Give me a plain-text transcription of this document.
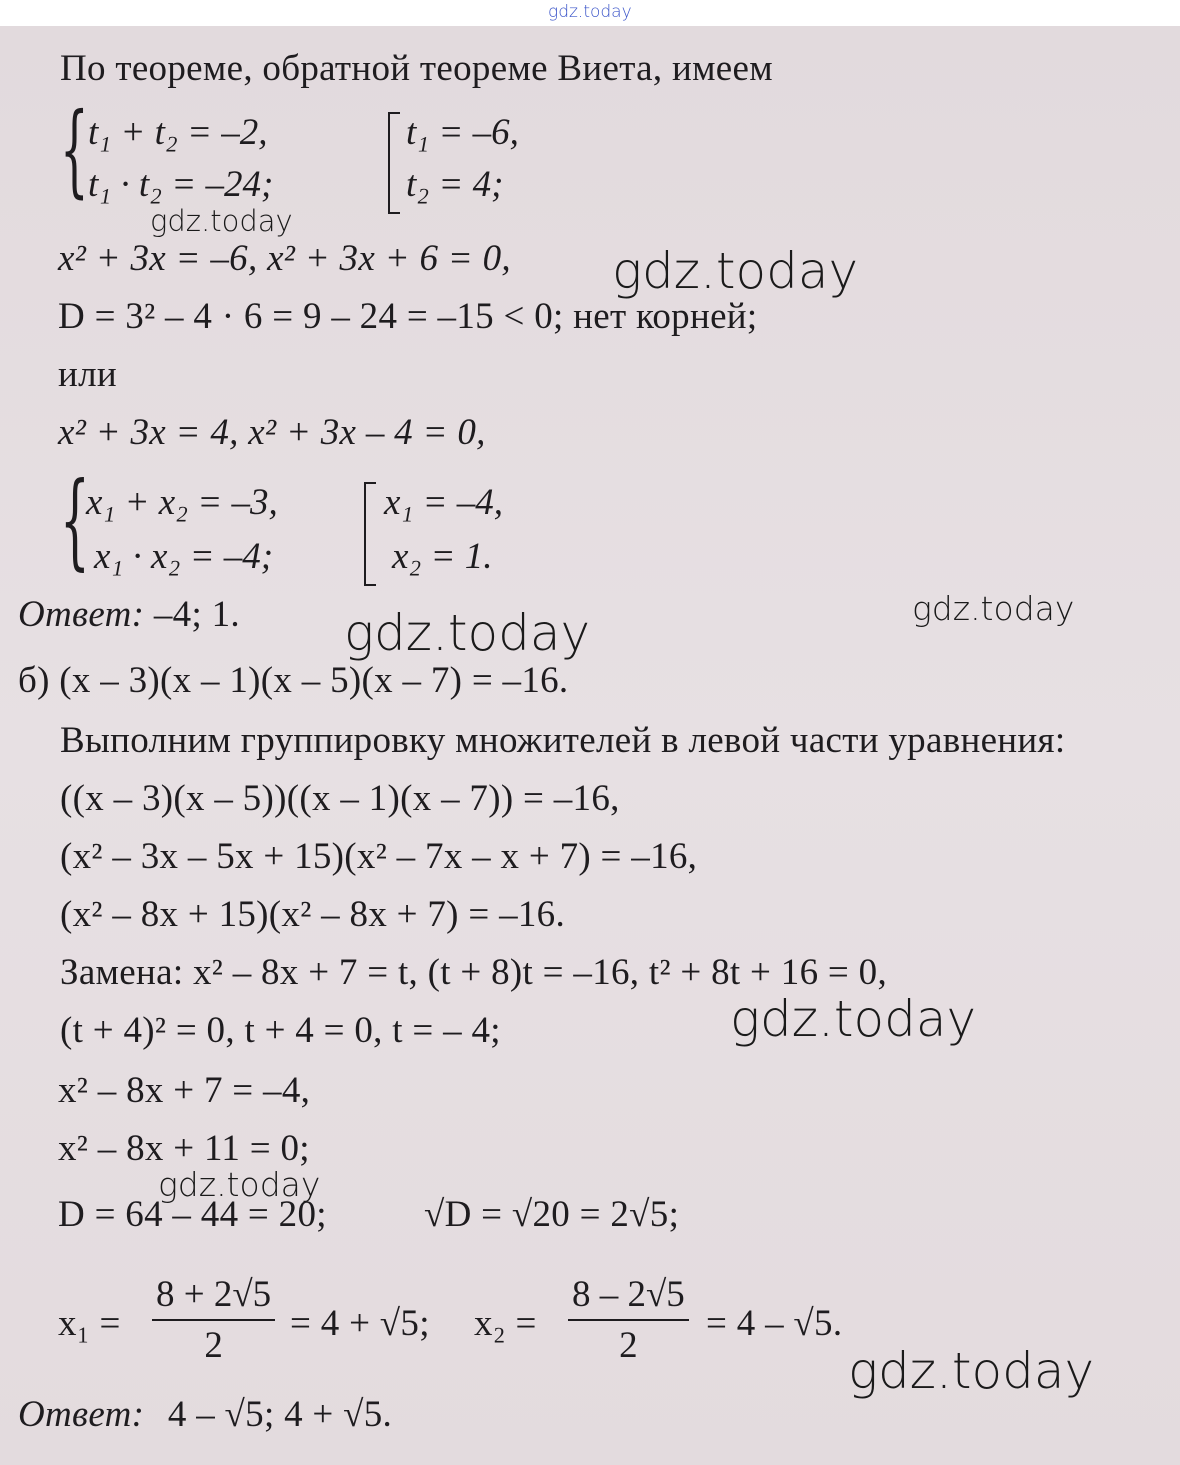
gdz.today
По теореме, обратной теореме Виета, имеем
{ t₁ + t₂ = –2,
t₁ · t₂ = –24;
t₁ = –6,
t₂ = 4;
gdz.today
x² + 3x = –6, x² + 3x + 6 = 0, gdz.today
D = 3² – 4 · 6 = 9 – 24 = –15 < 0; нет корней;
или
x² + 3x = 4, x² + 3x – 4 = 0,
{
x₁ + x₂ = –3,
x₁ · x₂ = –4;
x₁ = –4,
x₂ = 1.
Ответ: –4; 1. gdz.today	gdz.today
б) (x – 3)(x – 1)(x – 5)(x – 7) = –16.
Выполним группировку множителей в левой части уравнения:
((x – 3)(x – 5))((x – 1)(x – 7)) = –16,
(x² – 3x – 5x + 15)(x² – 7x – x + 7) = –16,
(x² – 8x + 15)(x² – 8x + 7) = –16.
Замена: x² – 8x + 7 = t, (t + 8)t = –16, t² + 8t + 16 = 0,
(t + 4)² = 0, t + 4 = 0, t = – 4;	gdz.today
x² – 8x + 7 = –4,
x² – 8x + 11 = 0;
gdz.today
D = 64 – 44 = 20;	√D = √20 = 2√5;
$x_1 = \frac{8 + 2√5}{2} = 4 + √5$; $x_2 = \frac{8 - 2√5}{2} = 4 - √5$.
gdz.today
Ответ: 4 – √5; 4 + √5.
